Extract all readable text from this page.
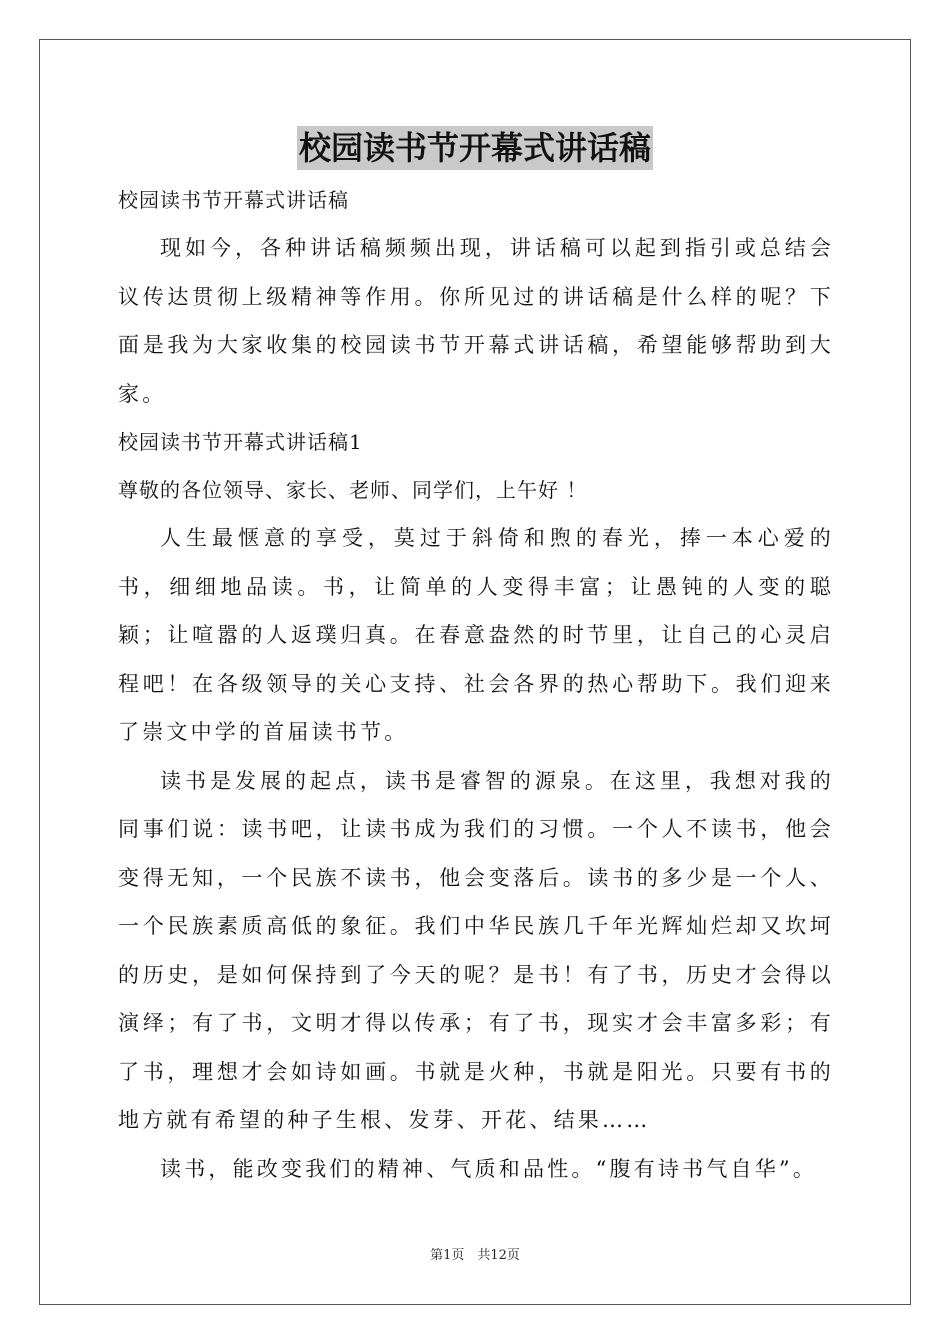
校园读书节开幕式讲话稿

校园读书节开幕式讲话稿

现如今，各种讲话稿频频出现，讲话稿可以起到指引或总结会议传达贯彻上级精神等作用。你所见过的讲话稿是什么样的呢？下面是我为大家收集的校园读书节开幕式讲话稿，希望能够帮助到大家。

校园读书节开幕式讲话稿1

尊敬的各位领导、家长、老师、同学们，上午好 ！

人生最惬意的享受，莫过于斜倚和煦的春光，捧一本心爱的书，细细地品读。书，让简单的人变得丰富；让愚钝的人变的聪颖；让喧嚣的人返璞归真。在春意盎然的时节里，让自己的心灵启程吧！在各级领导的关心支持、社会各界的热心帮助下。我们迎来了崇文中学的首届读书节。

读书是发展的起点，读书是睿智的源泉。在这里，我想对我的同事们说：读书吧，让读书成为我们的习惯。一个人不读书，他会变得无知，一个民族不读书，他会变落后。读书的多少是一个人、一个民族素质高低的象征。我们中华民族几千年光辉灿烂却又坎坷的历史，是如何保持到了今天的呢？是书！有了书，历史才会得以演绎；有了书，文明才得以传承；有了书，现实才会丰富多彩；有了书，理想才会如诗如画。书就是火种，书就是阳光。只要有书的地方就有希望的种子生根、发芽、开花、结果……

读书，能改变我们的精神、气质和品性。“腹有诗书气自华”。

第1页　共12页
